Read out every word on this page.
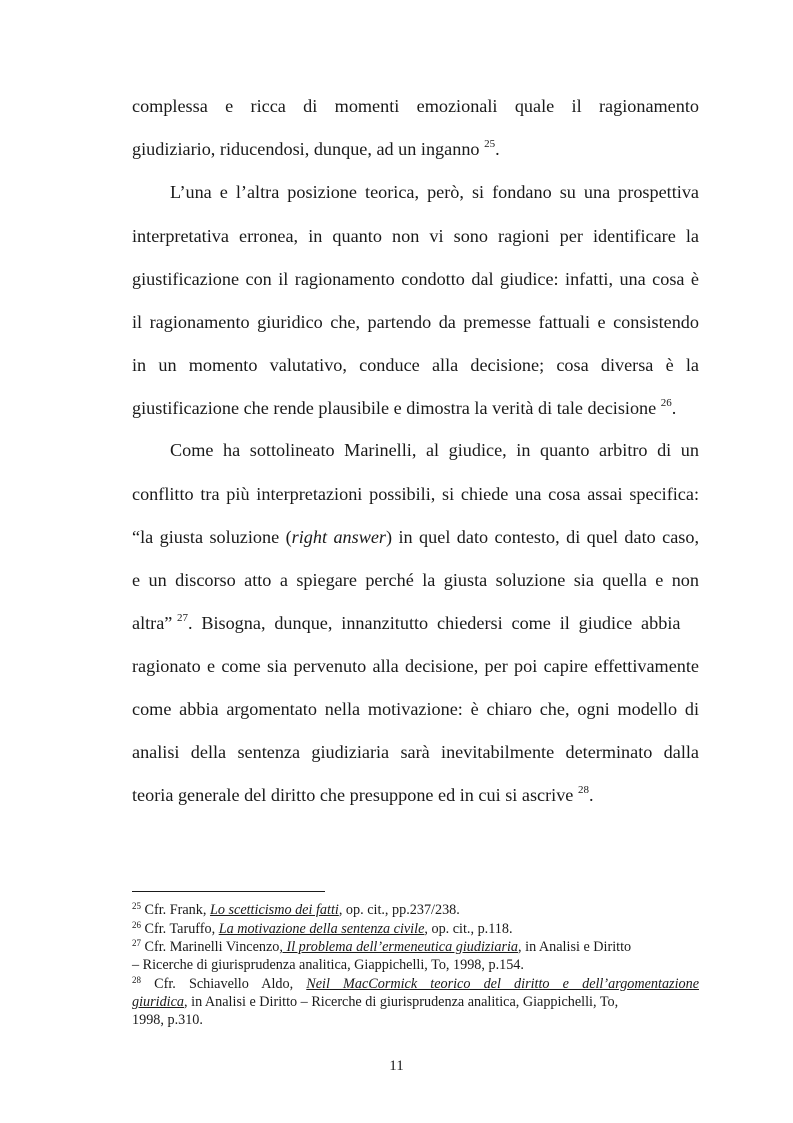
complessa e ricca di momenti emozionali quale il ragionamento
giudiziario, riducendosi, dunque, ad un inganno $^{25}$.
L’una e l’altra posizione teorica, però, si fondano su una prospettiva
interpretativa erronea, in quanto non vi sono ragioni per identificare la
giustificazione con il ragionamento condotto dal giudice: infatti, una cosa è
il ragionamento giuridico che, partendo da premesse fattuali e consistendo
in un momento valutativo, conduce alla decisione; cosa diversa è la
giustificazione che rende plausibile e dimostra la verità di tale decisione $^{26}$.
Come ha sottolineato Marinelli, al giudice, in quanto arbitro di un
conflitto tra più interpretazioni possibili, si chiede una cosa assai specifica:
“la giusta soluzione (right answer) in quel dato contesto, di quel dato caso,
e un discorso atto a spiegare perché la giusta soluzione sia quella e non
altra” $^{27}$. Bisogna, dunque, innanzitutto chiedersi come il giudice abbia
ragionato e come sia pervenuto alla decisione, per poi capire effettivamente
come abbia argomentato nella motivazione: è chiaro che, ogni modello di
analisi della sentenza giudiziaria sarà inevitabilmente determinato dalla
teoria generale del diritto che presuppone ed in cui si ascrive $^{28}$.
$^{25}$ Cfr. Frank, Lo scetticismo dei fatti, op. cit., pp.237/238.
$^{26}$ Cfr. Taruffo, La motivazione della sentenza civile, op. cit., p.118.
$^{27}$ Cfr. Marinelli Vincenzo, Il problema dell’ermeneutica giudiziaria, in Analisi e Diritto
– Ricerche di giurisprudenza analitica, Giappichelli, To, 1998, p.154.
$^{28}$ Cfr. Schiavello Aldo, Neil MacCormick teorico del diritto e dell’argomentazione
giuridica, in Analisi e Diritto – Ricerche di giurisprudenza analitica, Giappichelli, To,
1998, p.310.
11
